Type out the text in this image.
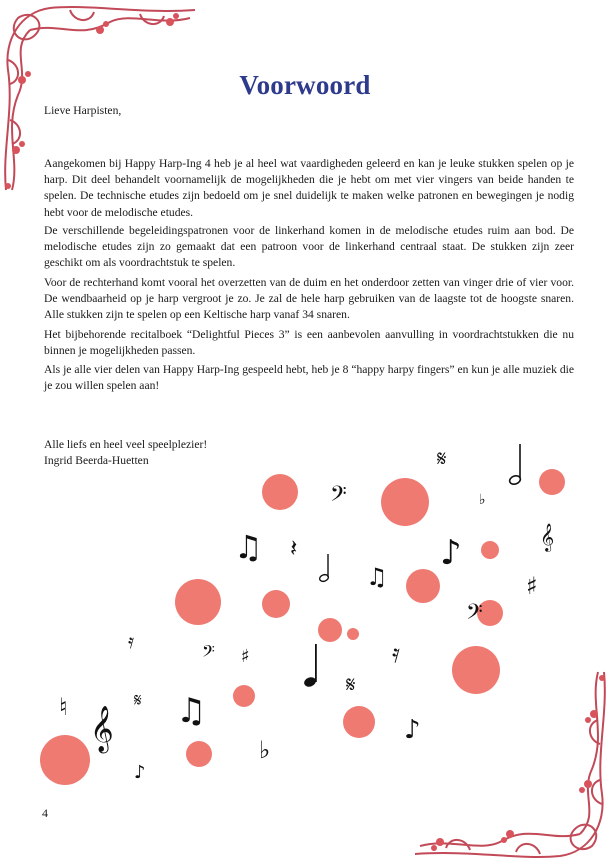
Voorwoord

Lieve Harpisten,

Aangekomen bij Happy Harp-Ing 4 heb je al heel wat vaardigheden geleerd en kan je leuke stukken spelen op je harp. Dit deel behandelt voornamelijk de mogelijkheden die je hebt om met vier vingers van beide handen te spelen. De technische etudes zijn bedoeld om je snel duidelijk te maken welke patronen en bewegingen je nodig hebt voor de melodische etudes.

De verschillende begeleidingspatronen voor de linkerhand komen in de melodische etudes ruim aan bod. De melodische etudes zijn zo gemaakt dat een patroon voor de linkerhand centraal staat. De stukken zijn zeer geschikt om als voordrachtstuk te spelen.

Voor de rechterhand komt vooral het overzetten van de duim en het onderdoor zetten van vinger drie of vier voor. De wendbaarheid op je harp vergroot je zo. Je zal de hele harp gebruiken van de laagste tot de hoogste snaren. Alle stukken zijn te spelen op een Keltische harp vanaf 34 snaren.

Het bijbehorende recitalboek “Delightful Pieces 3” is een aanbevolen aanvulling in voordrachtstukken die nu binnen je mogelijkheden passen.

Als je alle vier delen van Happy Harp-Ing gespeeld hebt, heb je 8 “happy harpy fingers” en kun je alle muziek die je zou willen spelen aan!

Alle liefs en heel veel speelplezier!

Ingrid Beerda-Huetten	𝄋
𝄋
𝄋
𝄢
𝄢
𝄢
𝄞
𝄞
♭
♭
♮
♯
♯
♪
♪
♪
♫
♫
♫
𝄿
𝄿
𝄽
4
